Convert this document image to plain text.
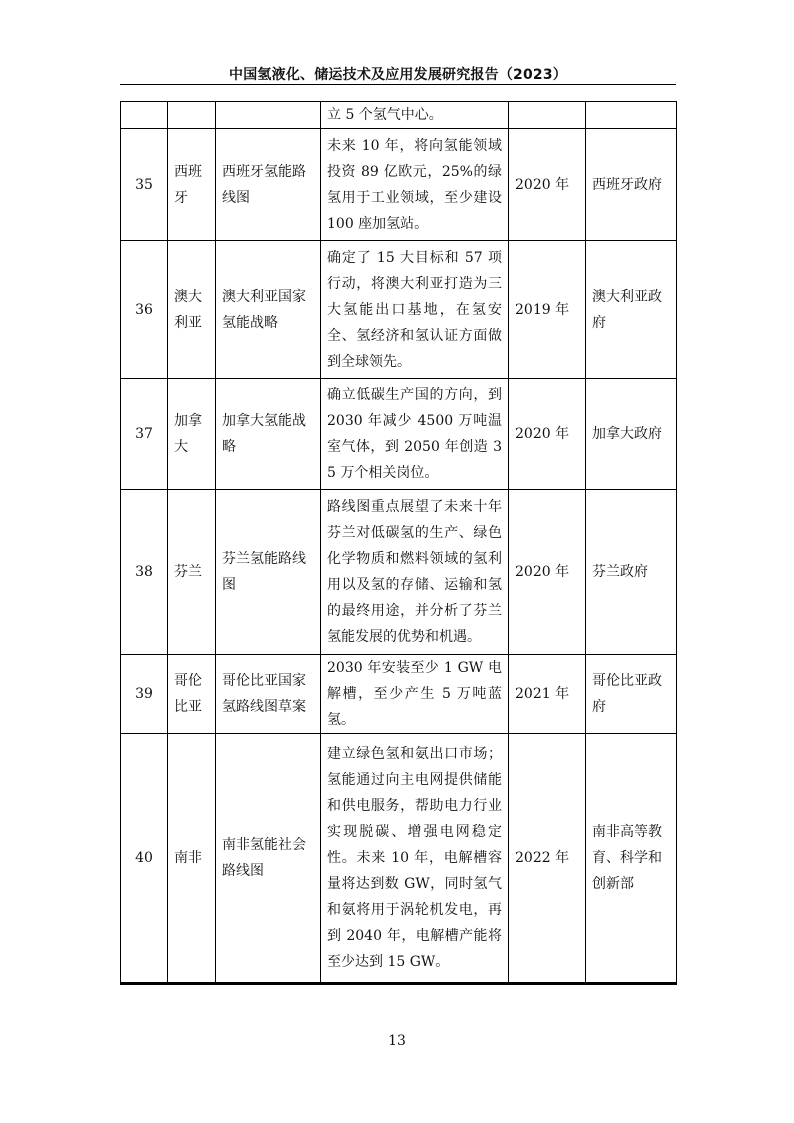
中国氢液化、储运技术及应用发展研究报告（2023）
			立 5 个氢气中心。		
35	西班牙	西班牙氢能路线图	未来 10 年，将向氢能领域投资 89 亿欧元，25%的绿氢用于工业领域，至少建设 100 座加氢站。	2020 年	西班牙政府
36	澳大利亚	澳大利亚国家氢能战略	确定了 15 大目标和 57 项行动，将澳大利亚打造为三大氢能出口基地，在氢安全、氢经济和氢认证方面做到全球领先。	2019 年	澳大利亚政府
37	加拿大	加拿大氢能战略	确立低碳生产国的方向，到 2030 年减少 4500 万吨温室气体，到 2050 年创造 35 万个相关岗位。	2020 年	加拿大政府
38	芬兰	芬兰氢能路线图	路线图重点展望了未来十年芬兰对低碳氢的生产、绿色化学物质和燃料领域的氢利用以及氢的存储、运输和氢的最终用途，并分析了芬兰氢能发展的优势和机遇。	2020 年	芬兰政府
39	哥伦比亚	哥伦比亚国家氢路线图草案	2030 年安装至少 1 GW 电解槽，至少产生 5 万吨蓝氢。	2021 年	哥伦比亚政府
40	南非	南非氢能社会路线图	建立绿色氢和氨出口市场；氢能通过向主电网提供储能和供电服务，帮助电力行业实现脱碳、增强电网稳定性。未来 10 年，电解槽容量将达到数 GW，同时氢气和氨将用于涡轮机发电，再到 2040 年，电解槽产能将至少达到 15 GW。	2022 年	南非高等教育、科学和创新部
13
